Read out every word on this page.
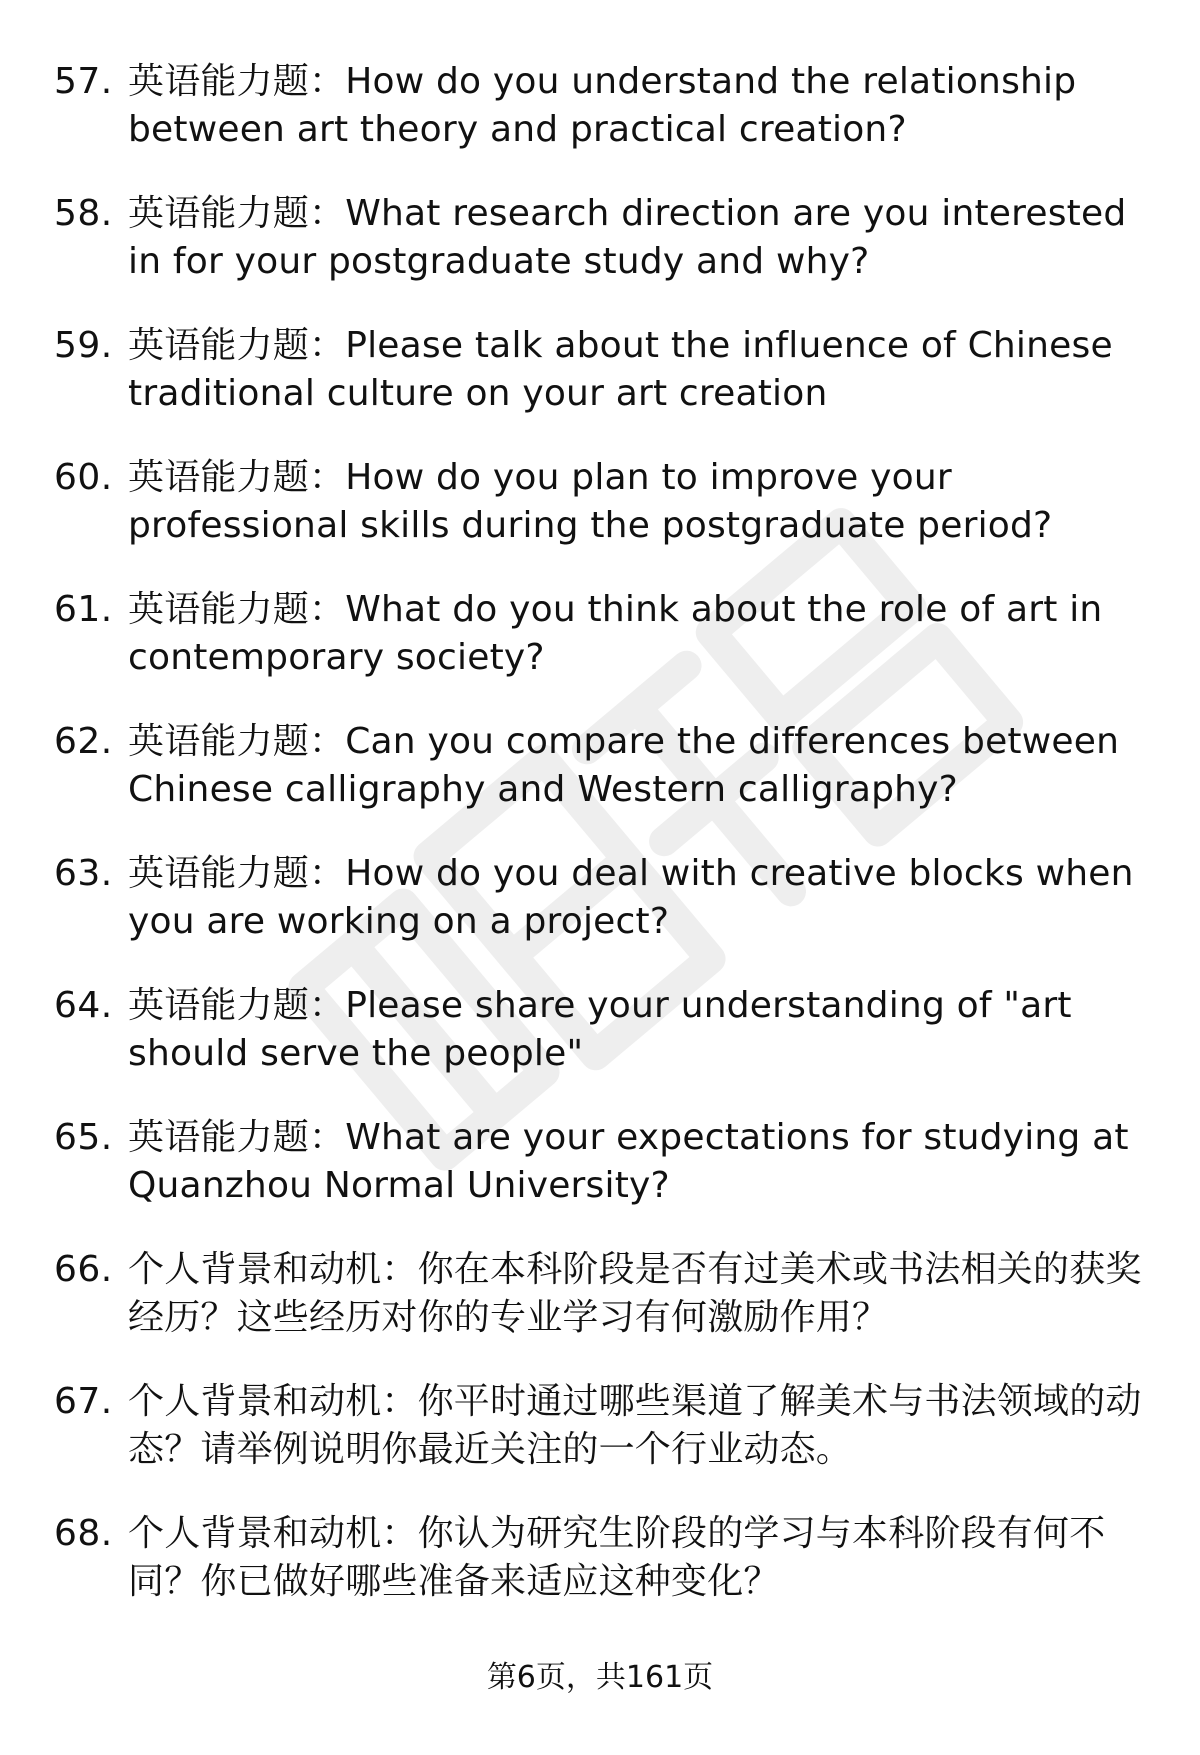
57. 英语能力题：How do you understand the relationship between art theory and practical creation?
58. 英语能力题：What research direction are you interested in for your postgraduate study and why?
59. 英语能力题：Please talk about the influence of Chinese traditional culture on your art creation
60. 英语能力题：How do you plan to improve your professional skills during the postgraduate period?
61. 英语能力题：What do you think about the role of art in contemporary society?
62. 英语能力题：Can you compare the differences between Chinese calligraphy and Western calligraphy?
63. 英语能力题：How do you deal with creative blocks when you are working on a project?
64. 英语能力题：Please share your understanding of "art should serve the people"
65. 英语能力题：What are your expectations for studying at Quanzhou Normal University?
66. 个人背景和动机：你在本科阶段是否有过美术或书法相关的获奖经历？这些经历对你的专业学习有何激励作用？
67. 个人背景和动机：你平时通过哪些渠道了解美术与书法领域的动态？请举例说明你最近关注的一个行业动态。
68. 个人背景和动机：你认为研究生阶段的学习与本科阶段有何不同？你已做好哪些准备来适应这种变化？
第6页，共161页
